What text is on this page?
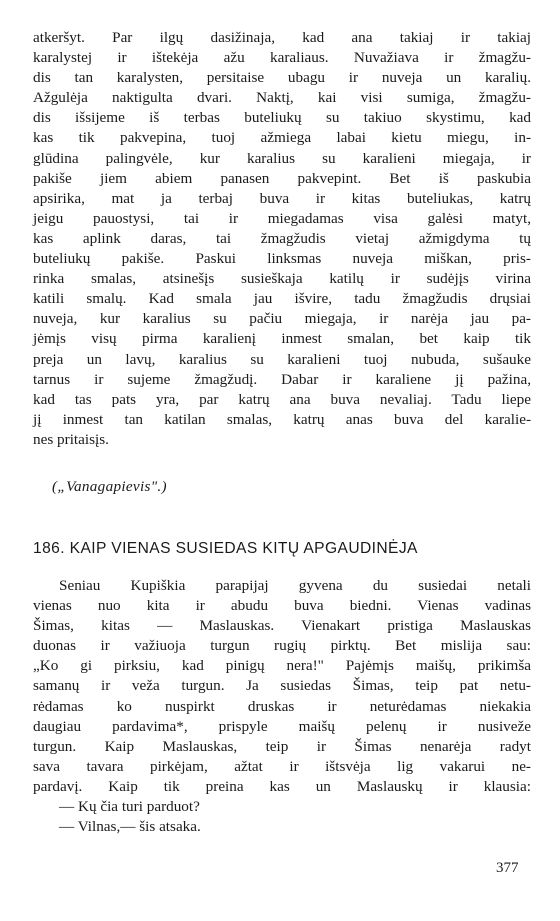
atkeršyt. Par ilgų dasižinaja, kad ana takiaj ir takiaj
karalystej ir ištekėja ažu karaliaus. Nuvažiava ir žmagžu-
dis tan karalysten, persitaise ubagu ir nuveja un karalių.
Ažgulėja naktigulta dvari. Naktį, kai visi sumiga, žmagžu-
dis išsijeme iš terbas buteliukų su takiuo skystimu, kad
kas tik pakvepina, tuoj ažmiega labai kietu miegu, in-
glūdina palingvėle, kur karalius su karalieni miegaja, ir
pakiše jiem abiem panasen pakvepint. Bet iš paskubia
apsirika, mat ja terbaj buva ir kitas buteliukas, katrų
jeigu pauostysi, tai ir miegadamas visa galėsi matyt,
kas aplink daras, tai žmagžudis vietaj ažmigdyma tų
buteliukų pakiše. Paskui linksmas nuveja miškan, pris-
rinka smalas, atsinešįs susieškaja katilų ir sudėjįs virina
katili smalų. Kad smala jau išvire, tadu žmagžudis drųsiai
nuveja, kur karalius su pačiu miegaja, ir narėja jau pa-
jėmįs visų pirma karalienį inmest smalan, bet kaip tik
preja un lavų, karalius su karalieni tuoj nubuda, sušauke
tarnus ir sujeme žmagžudį. Dabar ir karaliene jį pažina,
kad tas pats yra, par katrų ana buva nevaliaj. Tadu liepe
jį inmest tan katilan smalas, katrų anas buva del karalie-
nes pritaisįs.
(„Vanagapievis".)
186. KAIP VIENAS SUSIEDAS KITŲ APGAUDINĖJA
Seniau Kupiškia parapijaj gyvena du susiedai netali
vienas nuo kita ir abudu buva biedni. Vienas vadinas
Šimas, kitas — Maslauskas. Vienakart pristiga Maslauskas
duonas ir važiuoja turgun rugių pirktų. Bet mislija sau:
„Ko gi pirksiu, kad pinigų nera!" Pajėmįs maišų, prikimša
samanų ir veža turgun. Ja susiedas Šimas, teip pat netu-
rėdamas ko nuspirkt druskas ir neturėdamas niekakia
daugiau pardavima*, prispyle maišų pelenų ir nusiveže
turgun. Kaip Maslauskas, teip ir Šimas nenarėja radyt
sava tavara pirkėjam, ažtat ir ištsvėja lig vakarui ne-
pardavį. Kaip tik preina kas un Maslauskų ir klausia:
— Kų čia turi parduot?
— Vilnas,— šis atsaka.
377
